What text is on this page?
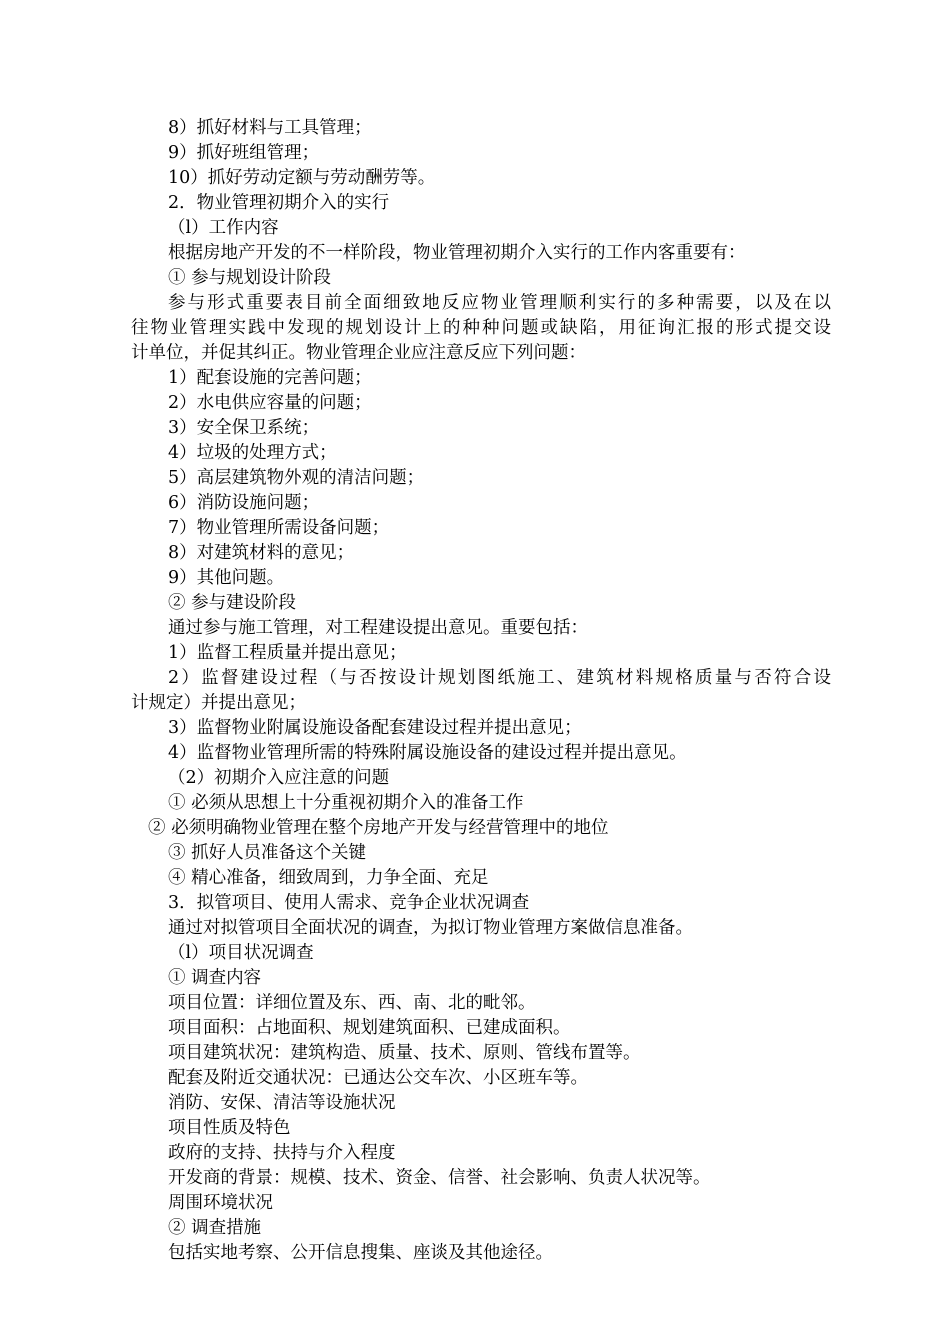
8）抓好材料与工具管理；
9）抓好班组管理；
10）抓好劳动定额与劳动酬劳等。
2．物业管理初期介入的实行
（l）工作内容
根据房地产开发的不一样阶段，物业管理初期介入实行的工作内客重要有：
① 参与规划设计阶段
参与形式重要表目前全面细致地反应物业管理顺利实行的多种需要，以及在以
往物业管理实践中发现的规划设计上的种种问题或缺陷，用征询汇报的形式提交设
计单位，并促其纠正。物业管理企业应注意反应下列问题：
1）配套设施的完善问题；
2）水电供应容量的问题；
3）安全保卫系统；
4）垃圾的处理方式；
5）高层建筑物外观的清洁问题；
6）消防设施问题；
7）物业管理所需设备问题；
8）对建筑材料的意见；
9）其他问题。
② 参与建设阶段
通过参与施工管理，对工程建设提出意见。重要包括：
1）监督工程质量并提出意见；
2）监督建设过程（与否按设计规划图纸施工、建筑材料规格质量与否符合设
计规定）并提出意见；
3）监督物业附属设施设备配套建设过程并提出意见；
4）监督物业管理所需的特殊附属设施设备的建设过程并提出意见。
（2）初期介入应注意的问题
① 必须从思想上十分重视初期介入的准备工作
② 必须明确物业管理在整个房地产开发与经营管理中的地位
③ 抓好人员准备这个关键
④ 精心准备，细致周到，力争全面、充足
3．拟管项目、使用人需求、竞争企业状况调查
通过对拟管项目全面状况的调查，为拟订物业管理方案做信息准备。
（l）项目状况调查
① 调查内容
项目位置：详细位置及东、西、南、北的毗邻。
项目面积：占地面积、规划建筑面积、已建成面积。
项目建筑状况：建筑构造、质量、技术、原则、管线布置等。
配套及附近交通状况：已通达公交车次、小区班车等。
消防、安保、清洁等设施状况
项目性质及特色
政府的支持、扶持与介入程度
开发商的背景：规模、技术、资金、信誉、社会影响、负责人状况等。
周围环境状况
② 调查措施
包括实地考察、公开信息搜集、座谈及其他途径。
